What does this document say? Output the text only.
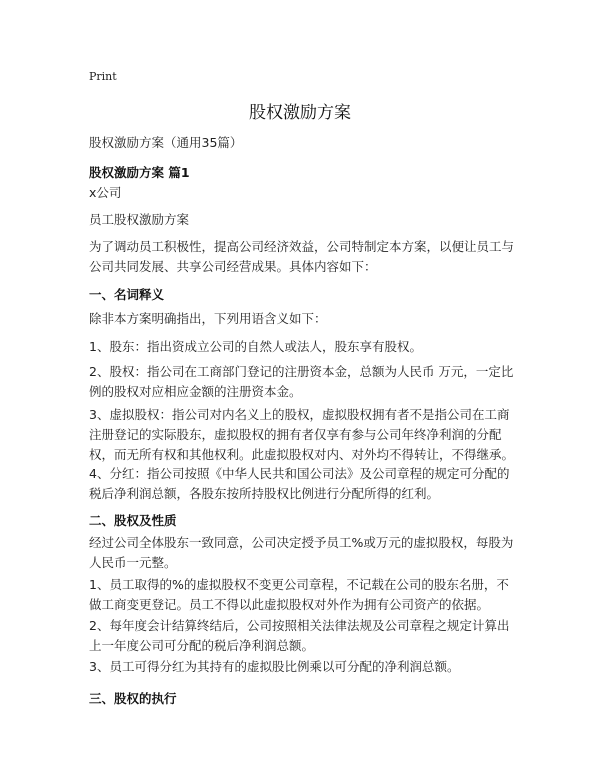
Print
股权激励方案
股权激励方案（通用35篇）
股权激励方案 篇1
x公司
员工股权激励方案
为了调动员工积极性，提高公司经济效益，公司特制定本方案，以便让员工与公司共同发展、共享公司经营成果。具体内容如下：
一、名词释义
除非本方案明确指出，下列用语含义如下：
1、股东：指出资成立公司的自然人或法人，股东享有股权。
2、股权：指公司在工商部门登记的注册资本金，总额为人民币 万元，一定比例的股权对应相应金额的注册资本金。
3、虚拟股权：指公司对内名义上的股权，虚拟股权拥有者不是指公司在工商注册登记的实际股东，虚拟股权的拥有者仅享有参与公司年终净利润的分配权，而无所有权和其他权利。此虚拟股权对内、对外均不得转让，不得继承。
4、分红：指公司按照《中华人民共和国公司法》及公司章程的规定可分配的税后净利润总额，各股东按所持股权比例进行分配所得的红利。
二、股权及性质
经过公司全体股东一致同意，公司决定授予员工%或万元的虚拟股权，每股为人民币一元整。
1、员工取得的%的虚拟股权不变更公司章程，不记载在公司的股东名册，不做工商变更登记。员工不得以此虚拟股权对外作为拥有公司资产的依据。
2、每年度会计结算终结后，公司按照相关法律法规及公司章程之规定计算出上一年度公司可分配的税后净利润总额。
3、员工可得分红为其持有的虚拟股比例乘以可分配的净利润总额。
三、股权的执行
